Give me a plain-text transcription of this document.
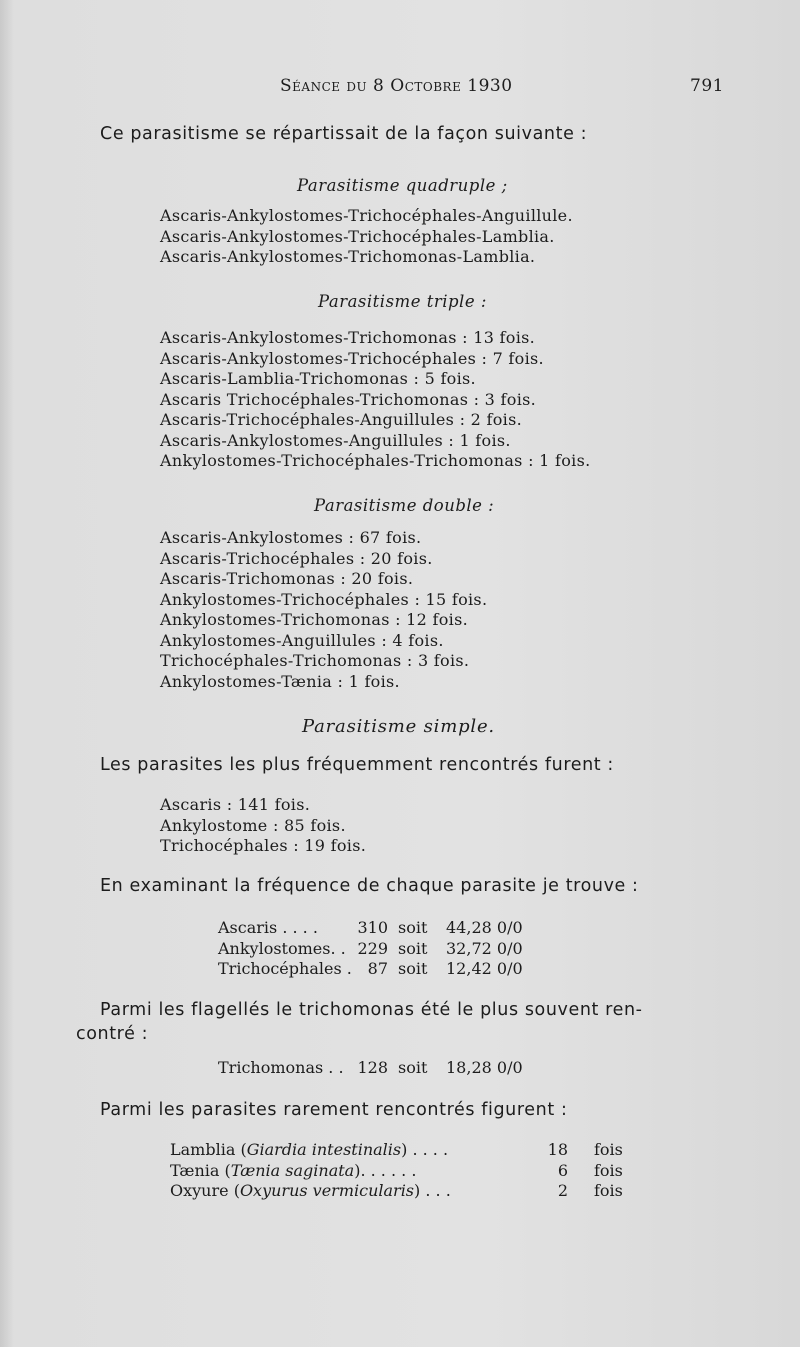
Séance du 8 Octobre 1930	791
Ce parasitisme se répartissait de la façon suivante :
Parasitisme quadruple ;
Ascaris-Ankylostomes-Trichocéphales-Anguillule.
Ascaris-Ankylostomes-Trichocéphales-Lamblia.
Ascaris-Ankylostomes-Trichomonas-Lamblia.
Parasitisme triple :
Ascaris-Ankylostomes-Trichomonas : 13 fois.
Ascaris-Ankylostomes-Trichocéphales : 7 fois.
Ascaris-Lamblia-Trichomonas : 5 fois.
Ascaris Trichocéphales-Trichomonas : 3 fois.
Ascaris-Trichocéphales-Anguillules : 2 fois.
Ascaris-Ankylostomes-Anguillules : 1 fois.
Ankylostomes-Trichocéphales-Trichomonas : 1 fois.
Parasitisme double :
Ascaris-Ankylostomes : 67 fois.
Ascaris-Trichocéphales : 20 fois.
Ascaris-Trichomonas : 20 fois.
Ankylostomes-Trichocéphales : 15 fois.
Ankylostomes-Trichomonas : 12 fois.
Ankylostomes-Anguillules : 4 fois.
Trichocéphales-Trichomonas : 3 fois.
Ankylostomes-Tænia : 1 fois.
Parasitisme simple.
Les parasites les plus fréquemment rencontrés furent :
Ascaris : 141 fois.
Ankylostome : 85 fois.
Trichocéphales : 19 fois.
En examinant la fréquence de chaque parasite je trouve :
Ascaris . . . . 310 soit 44,28 0/0
Ankylostomes. . 229 soit 32,72 0/0
Trichocéphales . 87 soit 12,42 0/0
Parmi les flagellés le trichomonas été le plus souvent ren-
contré :
Trichomonas . . 128 soit 18,28 0/0
Parmi les parasites rarement rencontrés figurent :
Lamblia (Giardia intestinalis) . . . .	18 fois
Tænia (Tænia saginata). . . . . .	6 fois
Oxyure (Oxyurus vermicularis) . . .	2 fois
